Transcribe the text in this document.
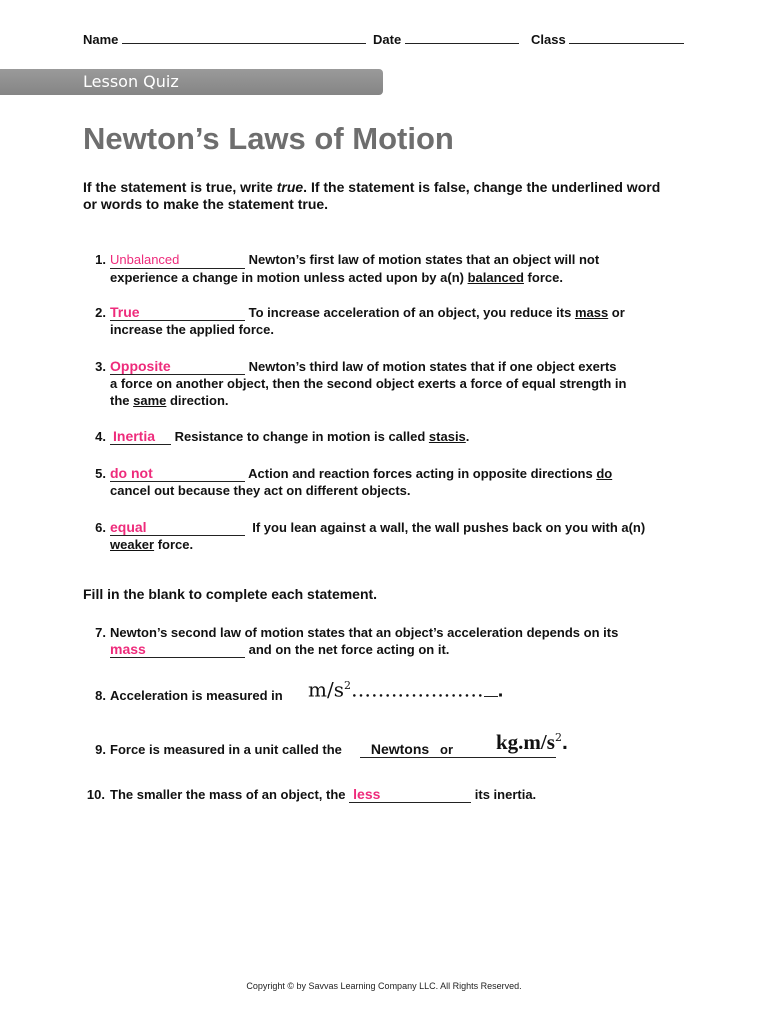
Name	Date	Class
Lesson Quiz
Newton’s Laws of Motion
If the statement is true, write true. If the statement is false, change the underlined word
or words to make the statement true.
1. Unbalanced	Newton’s first law of motion states that an object will not
experience a change in motion unless acted upon by a(n) balanced force.
2. True	To increase acceleration of an object, you reduce its mass or
increase the applied force.
3. Opposite	Newton’s third law of motion states that if one object exerts
a force on another object, then the second object exerts a force of equal strength in
the same direction.
4. Inertia Resistance to change in motion is called stasis.
5. do not	Action and reaction forces acting in opposite directions do
cancel out because they act on different objects.
6. equal	If you lean against a wall, the wall pushes back on you with a(n)
weaker force.
Fill in the blank to complete each statement.
7. Newton’s second law of motion states that an object’s acceleration depends on its
mass	and on the net force acting on it.
8. Acceleration is measured in $m/s^2\dots\dots.\dots\dots.\dots\dots$ .
9. Force is measured in a unit called the	Newtons or	$kg.m/s^2$.
10. The smaller the mass of an object, the less	its inertia.
Copyright © by Savvas Learning Company LLC. All Rights Reserved.
